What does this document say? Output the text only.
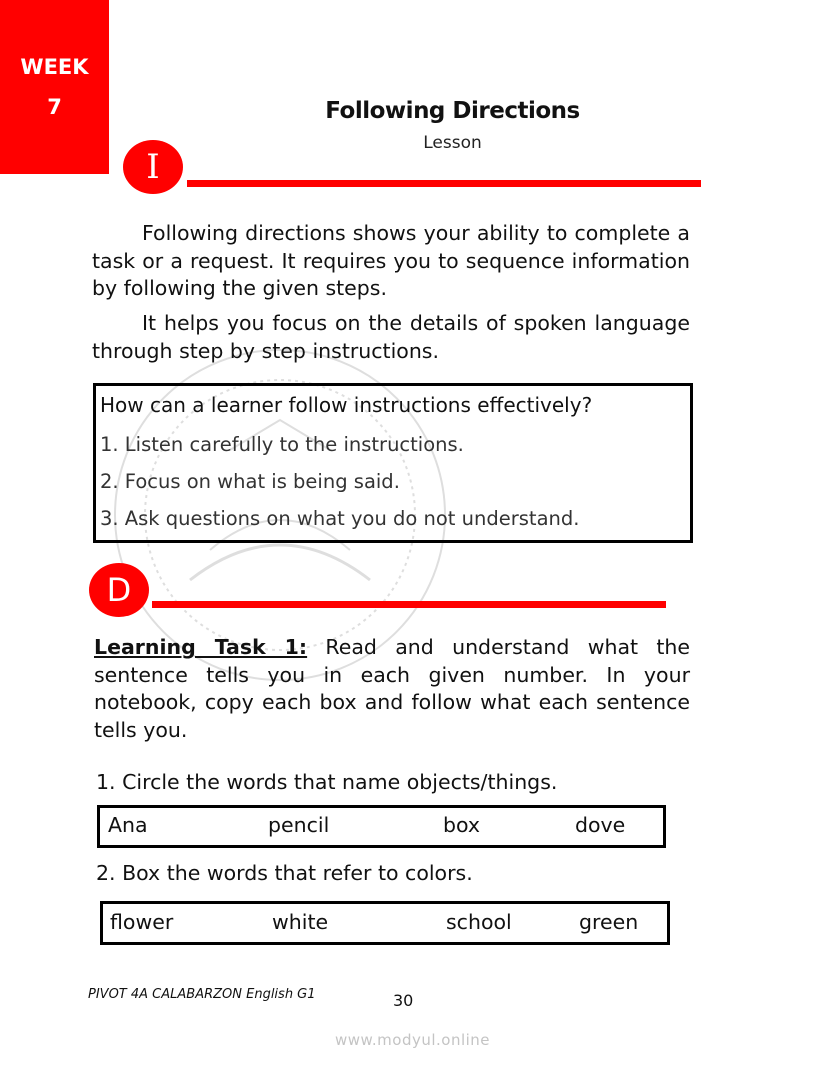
WEEK
7	Following Directions
Lesson
I
Following directions shows your ability to complete a task or a request. It requires you to sequence information by following the given steps.
It helps you focus on the details of spoken language through step by step instructions.
How can a learner follow instructions effectively?
1. Listen carefully to the instructions.
2. Focus on what is being said.
3. Ask questions on what you do not understand.
D
Learning Task 1: Read and understand what the sentence tells you in each given number. In your notebook, copy each box and follow what each sentence tells you.
1. Circle the words that name objects/things.
Ana	pencil	box	dove
2. Box the words that refer to colors.
flower	white	school	green
PIVOT 4A CALABARZON English G1	30
www.modyul.online
